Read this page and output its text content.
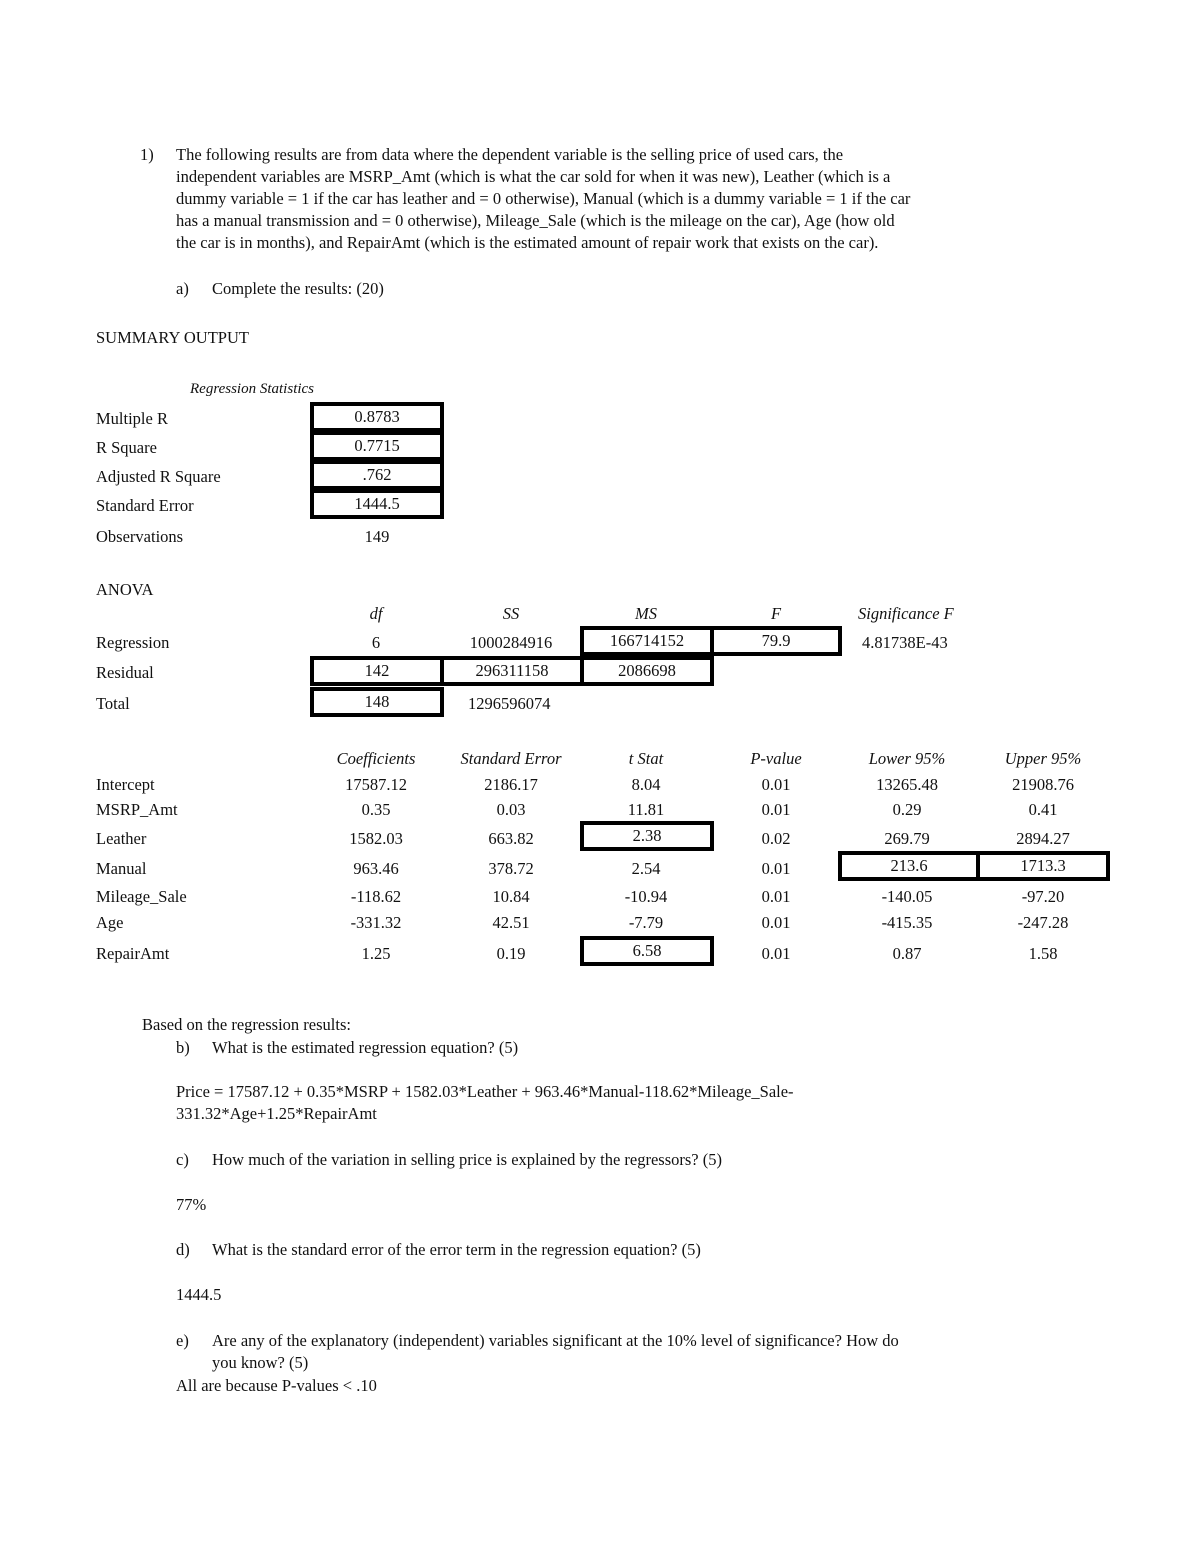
1) The following results are from data where the dependent variable is the selling price of used cars, the
independent variables are MSRP_Amt (which is what the car sold for when it was new), Leather (which is a
dummy variable = 1 if the car has leather and = 0 otherwise), Manual (which is a dummy variable = 1 if the car
has a manual transmission and = 0 otherwise), Mileage_Sale (which is the mileage on the car), Age (how old
the car is in months), and RepairAmt (which is the estimated amount of repair work that exists on the car).
a) Complete the results: (20)
SUMMARY OUTPUT
Regression Statistics
Multiple R	0.8783
R Square	0.7715
Adjusted R Square	.762
Standard Error	1444.5
Observations	149
ANOVA
df	SS	MS	F	Significance F
Regression	6	1000284916	166714152	79.9	4.81738E-43
Residual	142	296311158	2086698
Total	148	1296596074
Coefficients	Standard Error	t Stat	P-value	Lower 95%	Upper 95%
Intercept	17587.12	2186.17	8.04	0.01	13265.48	21908.76
MSRP_Amt	0.35	0.03	11.81	0.01	0.29	0.41
Leather	1582.03	663.82	2.38	0.02	269.79	2894.27
Manual	963.46	378.72	2.54	0.01	213.6	1713.3
Mileage_Sale	-118.62	10.84	-10.94	0.01	-140.05	-97.20
Age	-331.32	42.51	-7.79	0.01	-415.35	-247.28
RepairAmt	1.25	0.19	6.58	0.01	0.87	1.58
Based on the regression results:
b) What is the estimated regression equation? (5)
Price = 17587.12 + 0.35*MSRP + 1582.03*Leather + 963.46*Manual-118.62*Mileage_Sale-
331.32*Age+1.25*RepairAmt
c) How much of the variation in selling price is explained by the regressors? (5)
77%
d) What is the standard error of the error term in the regression equation? (5)
1444.5
e) Are any of the explanatory (independent) variables significant at the 10% level of significance? How do
you know? (5)
All are because P-values < .10
